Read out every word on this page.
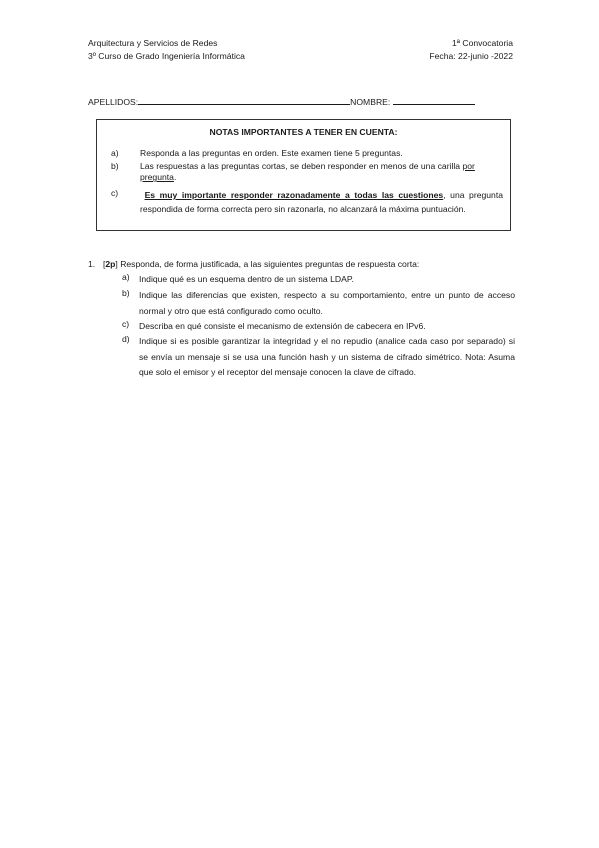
Arquitectura y Servicios de Redes
3º Curso de Grado Ingeniería Informática
1ª Convocatoria
Fecha: 22-junio -2022
APELLIDOS:	NOMBRE:
NOTAS IMPORTANTES A TENER EN CUENTA:
a)	Responda a las preguntas en orden. Este examen tiene 5 preguntas.
b)	Las respuestas a las preguntas cortas, se deben responder en menos de una carilla por pregunta.
c)	Es muy importante responder razonadamente a todas las cuestiones, una pregunta respondida de forma correcta pero sin razonarla, no alcanzará la máxima puntuación.
1. [2p] Responda, de forma justificada, a las siguientes preguntas de respuesta corta:
a) Indique qué es un esquema dentro de un sistema LDAP.
b) Indique las diferencias que existen, respecto a su comportamiento, entre un punto de acceso normal y otro que está configurado como oculto.
c) Describa en qué consiste el mecanismo de extensión de cabecera en IPv6.
d) Indique si es posible garantizar la integridad y el no repudio (analice cada caso por separado) si se envía un mensaje si se usa una función hash y un sistema de cifrado simétrico. Nota: Asuma que solo el emisor y el receptor del mensaje conocen la clave de cifrado.
